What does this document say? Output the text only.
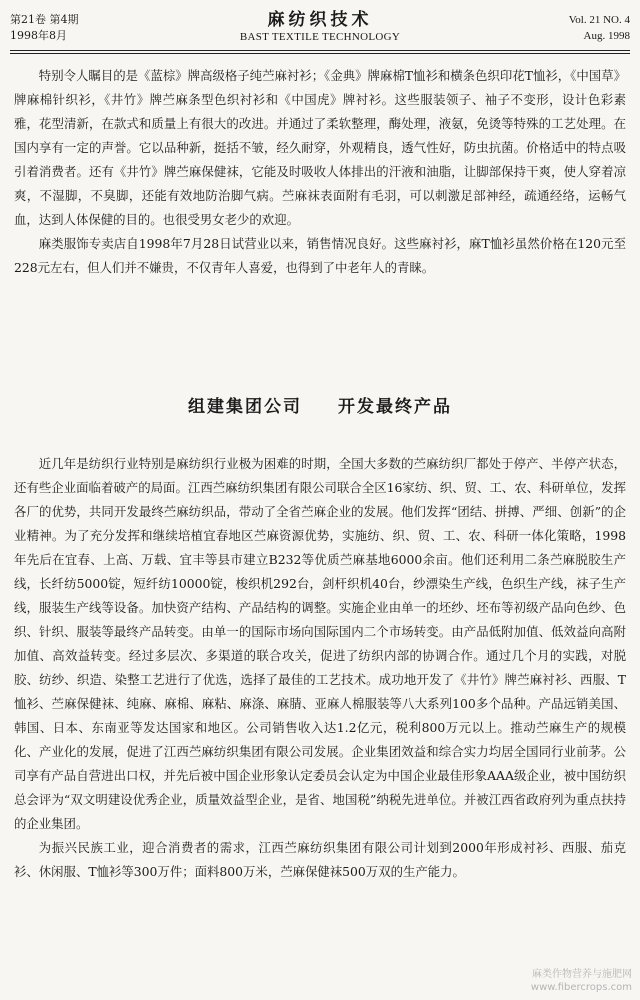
第21卷 第4期
1998年8月
麻纺织技术
BAST TEXTILE TECHNOLOGY
Vol. 21 NO. 4
Aug. 1998

特别令人瞩目的是《蓝棕》牌高级格子纯苎麻衬衫；《金典》牌麻棉T恤衫和横条色织印花T恤衫，《中国草》牌麻棉针织衫，《井竹》牌苎麻条型色织衬衫和《中国虎》牌衬衫。这些服装领子、袖子不变形，设计色彩素雅，花型清新，在款式和质量上有很大的改进。并通过了柔软整理，酶处理，液氨，免烫等特殊的工艺处理。在国内享有一定的声誉。它以品种新，挺括不皱，经久耐穿，外观精良，透气性好，防虫抗菌。价格适中的特点吸引着消费者。还有《井竹》牌苎麻保健袜，它能及时吸收人体排出的汗液和油脂，让脚部保持干爽，使人穿着凉爽，不湿脚，不臭脚，还能有效地防治脚气病。苎麻袜表面附有毛羽，可以刺激足部神经，疏通经络，运畅气血，达到人体保健的目的。也很受男女老少的欢迎。

麻类服饰专卖店自1998年7月28日试营业以来，销售情况良好。这些麻衬衫，麻T恤衫虽然价格在120元至228元左右，但人们并不嫌贵，不仅青年人喜爱，也得到了中老年人的青睐。

组建集团公司 开发最终产品

近几年是纺织行业特别是麻纺织行业极为困难的时期，全国大多数的苎麻纺织厂都处于停产、半停产状态，还有些企业面临着破产的局面。江西苎麻纺织集团有限公司联合全区16家纺、织、贸、工、农、科研单位，发挥各厂的优势，共同开发最终苎麻纺织品，带动了全省苎麻企业的发展。他们发挥“团结、拼搏、严细、创新”的企业精神。为了充分发挥和继续培植宜春地区苎麻资源优势，实施纺、织、贸、工、农、科研一体化策略，1998年先后在宜春、上高、万载、宜丰等县市建立B232等优质苎麻基地6000余亩。他们还利用二条苎麻脱胶生产线，长纤纺5000锭，短纤纺10000锭，梭织机292台，剑杆织机40台，纱漂染生产线，色织生产线，袜子生产线，服装生产线等设备。加快资产结构、产品结构的调整。实施企业由单一的坯纱、坯布等初级产品向色纱、色织、针织、服装等最终产品转变。由单一的国际市场向国际国内二个市场转变。由产品低附加值、低效益向高附加值、高效益转变。经过多层次、多渠道的联合攻关，促进了纺织内部的协调合作。通过几个月的实践，对脱胶、纺纱、织造、染整工艺进行了优选，选择了最佳的工艺技术。成功地开发了《井竹》牌苎麻衬衫、西服、T恤衫、苎麻保健袜、纯麻、麻棉、麻粘、麻涤、麻腈、亚麻人棉服装等八大系列100多个品种。产品远销美国、韩国、日本、东南亚等发达国家和地区。公司销售收入达1.2亿元，税利800万元以上。推动苎麻生产的规模化、产业化的发展，促进了江西苎麻纺织集团有限公司发展。企业集团效益和综合实力均居全国同行业前茅。公司享有产品自营进出口权，并先后被中国企业形象认定委员会认定为中国企业最佳形象AAA级企业，被中国纺织总会评为“双文明建设优秀企业，质量效益型企业，是省、地国税”纳税先进单位。并被江西省政府列为重点扶持的企业集团。

为振兴民族工业，迎合消费者的需求，江西苎麻纺织集团有限公司计划到2000年形成衬衫、西服、茄克衫、休闲服、T恤衫等300万件；面料800万米，苎麻保健袜500万双的生产能力。

麻类作物营养与施肥网
www.fibercrops.com
